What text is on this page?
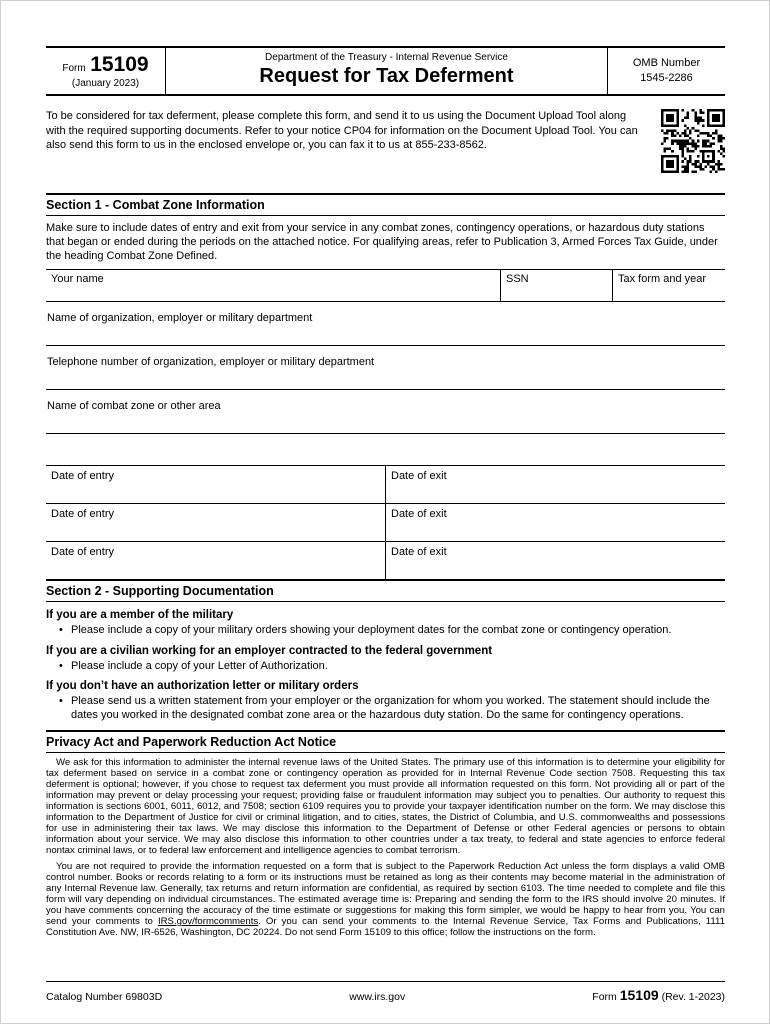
Form 15109
(January 2023)
Department of the Treasury - Internal Revenue Service
Request for Tax Deferment
OMB Number
1545-2286

To be considered for tax deferment, please complete this form, and send it to us using the Document Upload Tool along with the required supporting documents. Refer to your notice CP04 for information on the Document Upload Tool. You can also send this form to us in the enclosed envelope or, you can fax it to us at 855-233-8562.

Section 1 - Combat Zone Information

Make sure to include dates of entry and exit from your service in any combat zones, contingency operations, or hazardous duty stations that began or ended during the periods on the attached notice. For qualifying areas, refer to Publication 3, Armed Forces Tax Guide, under the heading Combat Zone Defined.

Your name	SSN	Tax form and year
Name of organization, employer or military department
Telephone number of organization, employer or military department
Name of combat zone or other area
Date of entry	Date of exit
Date of entry	Date of exit
Date of entry	Date of exit
Section 2 - Supporting Documentation
If you are a member of the military
• Please include a copy of your military orders showing your deployment dates for the combat zone or contingency operation.
If you are a civilian working for an employer contracted to the federal government
• Please include a copy of your Letter of Authorization.
If you don’t have an authorization letter or military orders
• Please send us a written statement from your employer or the organization for whom you worked. The statement should include the dates you worked in the designated combat zone area or the hazardous duty station. Do the same for contingency operations.
Privacy Act and Paperwork Reduction Act Notice

We ask for this information to administer the internal revenue laws of the United States. The primary use of this information is to determine your eligibility for tax deferment based on service in a combat zone or contingency operation as provided for in Internal Revenue Code section 7508. Requesting this tax deferment is optional; however, if you chose to request tax deferment you must provide all information requested on this form. Not providing all or part of the information may prevent or delay processing your request; providing false or fraudulent information may subject you to penalties. Our authority to request this information is sections 6001, 6011, 6012, and 7508; section 6109 requires you to provide your taxpayer identification number on the form. We may disclose this information to the Department of Justice for civil or criminal litigation, and to cities, states, the District of Columbia, and U.S. commonwealths and possessions for use in administering their tax laws. We may disclose this information to the Department of Defense or other Federal agencies or persons to obtain information about your service. We may also disclose this information to other countries under a tax treaty, to federal and state agencies to enforce federal nontax criminal laws, or to federal law enforcement and intelligence agencies to combat terrorism.

You are not required to provide the information requested on a form that is subject to the Paperwork Reduction Act unless the form displays a valid OMB control number. Books or records relating to a form or its instructions must be retained as long as their contents may become material in the administration of any Internal Revenue law. Generally, tax returns and return information are confidential, as required by section 6103. The time needed to complete and file this form will vary depending on individual circumstances. The estimated average time is: Preparing and sending the form to the IRS should involve 20 minutes. If you have comments concerning the accuracy of the time estimate or suggestions for making this form simpler, we would be happy to hear from you. You can send your comments to IRS.gov/formcomments. Or you can send your comments to the Internal Revenue Service, Tax Forms and Publications, 1111 Constitution Ave. NW, IR-6526, Washington, DC 20224. Do not send Form 15109 to this office; follow the instructions on the form.

Catalog Number 69803D	www.irs.gov	Form 15109 (Rev. 1-2023)
